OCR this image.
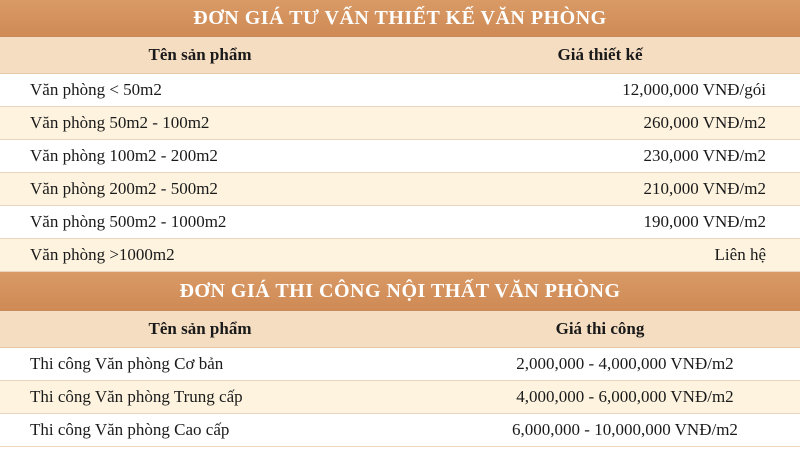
ĐƠN GIÁ TƯ VẤN THIẾT KẾ VĂN PHÒNG
Tên sản phẩm	Giá thiết kế
Văn phòng < 50m2	12,000,000 VNĐ/gói
Văn phòng 50m2 - 100m2	260,000 VNĐ/m2
Văn phòng 100m2 - 200m2	230,000 VNĐ/m2
Văn phòng 200m2 - 500m2	210,000 VNĐ/m2
Văn phòng 500m2 - 1000m2	190,000 VNĐ/m2
Văn phòng >1000m2	Liên hệ
ĐƠN GIÁ THI CÔNG NỘI THẤT VĂN PHÒNG
Tên sản phẩm	Giá thi công
Thi công Văn phòng Cơ bản	2,000,000 - 4,000,000 VNĐ/m2
Thi công Văn phòng Trung cấp	4,000,000 - 6,000,000 VNĐ/m2
Thi công Văn phòng Cao cấp	6,000,000 - 10,000,000 VNĐ/m2
